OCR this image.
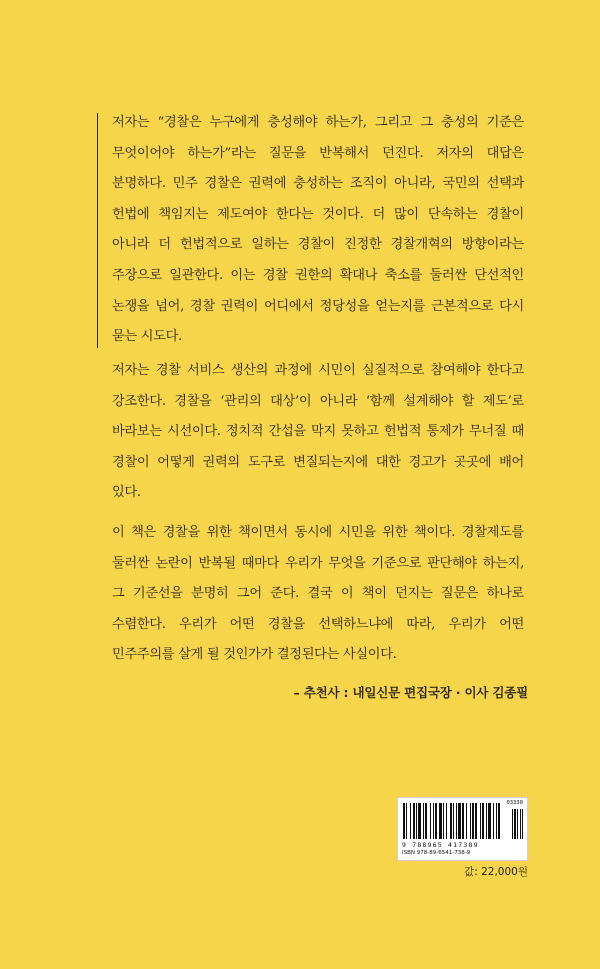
저자는 “경찰은 누구에게 충성해야 하는가, 그리고 그 충성의 기준은 무엇이어야 하는가”라는 질문을 반복해서 던진다. 저자의 대답은 분명하다. 민주 경찰은 권력에 충성하는 조직이 아니라, 국민의 선택과 헌법에 책임지는 제도여야 한다는 것이다. 더 많이 단속하는 경찰이 아니라 더 헌법적으로 일하는 경찰이 진정한 경찰개혁의 방향이라는 주장으로 일관한다. 이는 경찰 권한의 확대나 축소를 둘러싼 단선적인 논쟁을 넘어, 경찰 권력이 어디에서 정당성을 얻는지를 근본적으로 다시 묻는 시도다.
저자는 경찰 서비스 생산의 과정에 시민이 실질적으로 참여해야 한다고 강조한다. 경찰을 ‘관리의 대상’이 아니라 ‘함께 설계해야 할 제도’로 바라보는 시선이다. 정치적 간섭을 막지 못하고 헌법적 통제가 무너질 때 경찰이 어떻게 권력의 도구로 변질되는지에 대한 경고가 곳곳에 배어 있다.
이 책은 경찰을 위한 책이면서 동시에 시민을 위한 책이다. 경찰제도를 둘러싼 논란이 반복될 때마다 우리가 무엇을 기준으로 판단해야 하는지, 그 기준선을 분명히 그어 준다. 결국 이 책이 던지는 질문은 하나로 수렴한다. 우리가 어떤 경찰을 선택하느냐에 따라, 우리가 어떤 민주주의를 살게 될 것인가가 결정된다는 사실이다.
– 추천사 : 내일신문 편집국장 · 이사 김종필
03330
9 788965 417389
ISBN 978-89-6541-738-9
값: 22,000원
